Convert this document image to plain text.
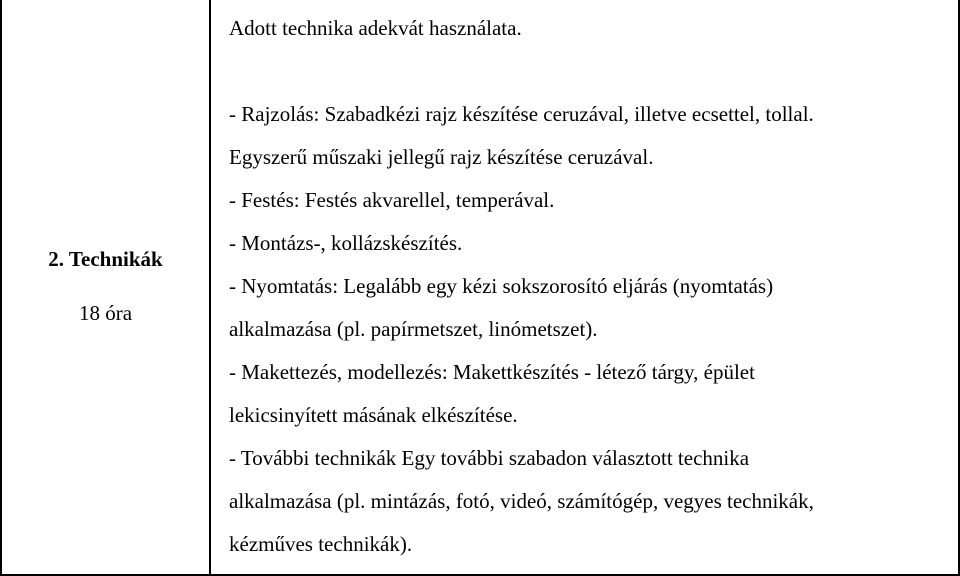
2. Technikák
18 óra
Adott technika adekvát használata.
- Rajzolás: Szabadkézi rajz készítése ceruzával, illetve ecsettel, tollal.
Egyszerű műszaki jellegű rajz készítése ceruzával.
- Festés: Festés akvarellel, temperával.
- Montázs-, kollázskészítés.
- Nyomtatás: Legalább egy kézi sokszorosító eljárás (nyomtatás)
alkalmazása (pl. papírmetszet, linómetszet).
- Makettezés, modellezés: Makettkészítés - létező tárgy, épület
lekicsinyített másának elkészítése.
- További technikák Egy további szabadon választott technika
alkalmazása (pl. mintázás, fotó, videó, számítógép, vegyes technikák,
kézműves technikák).
